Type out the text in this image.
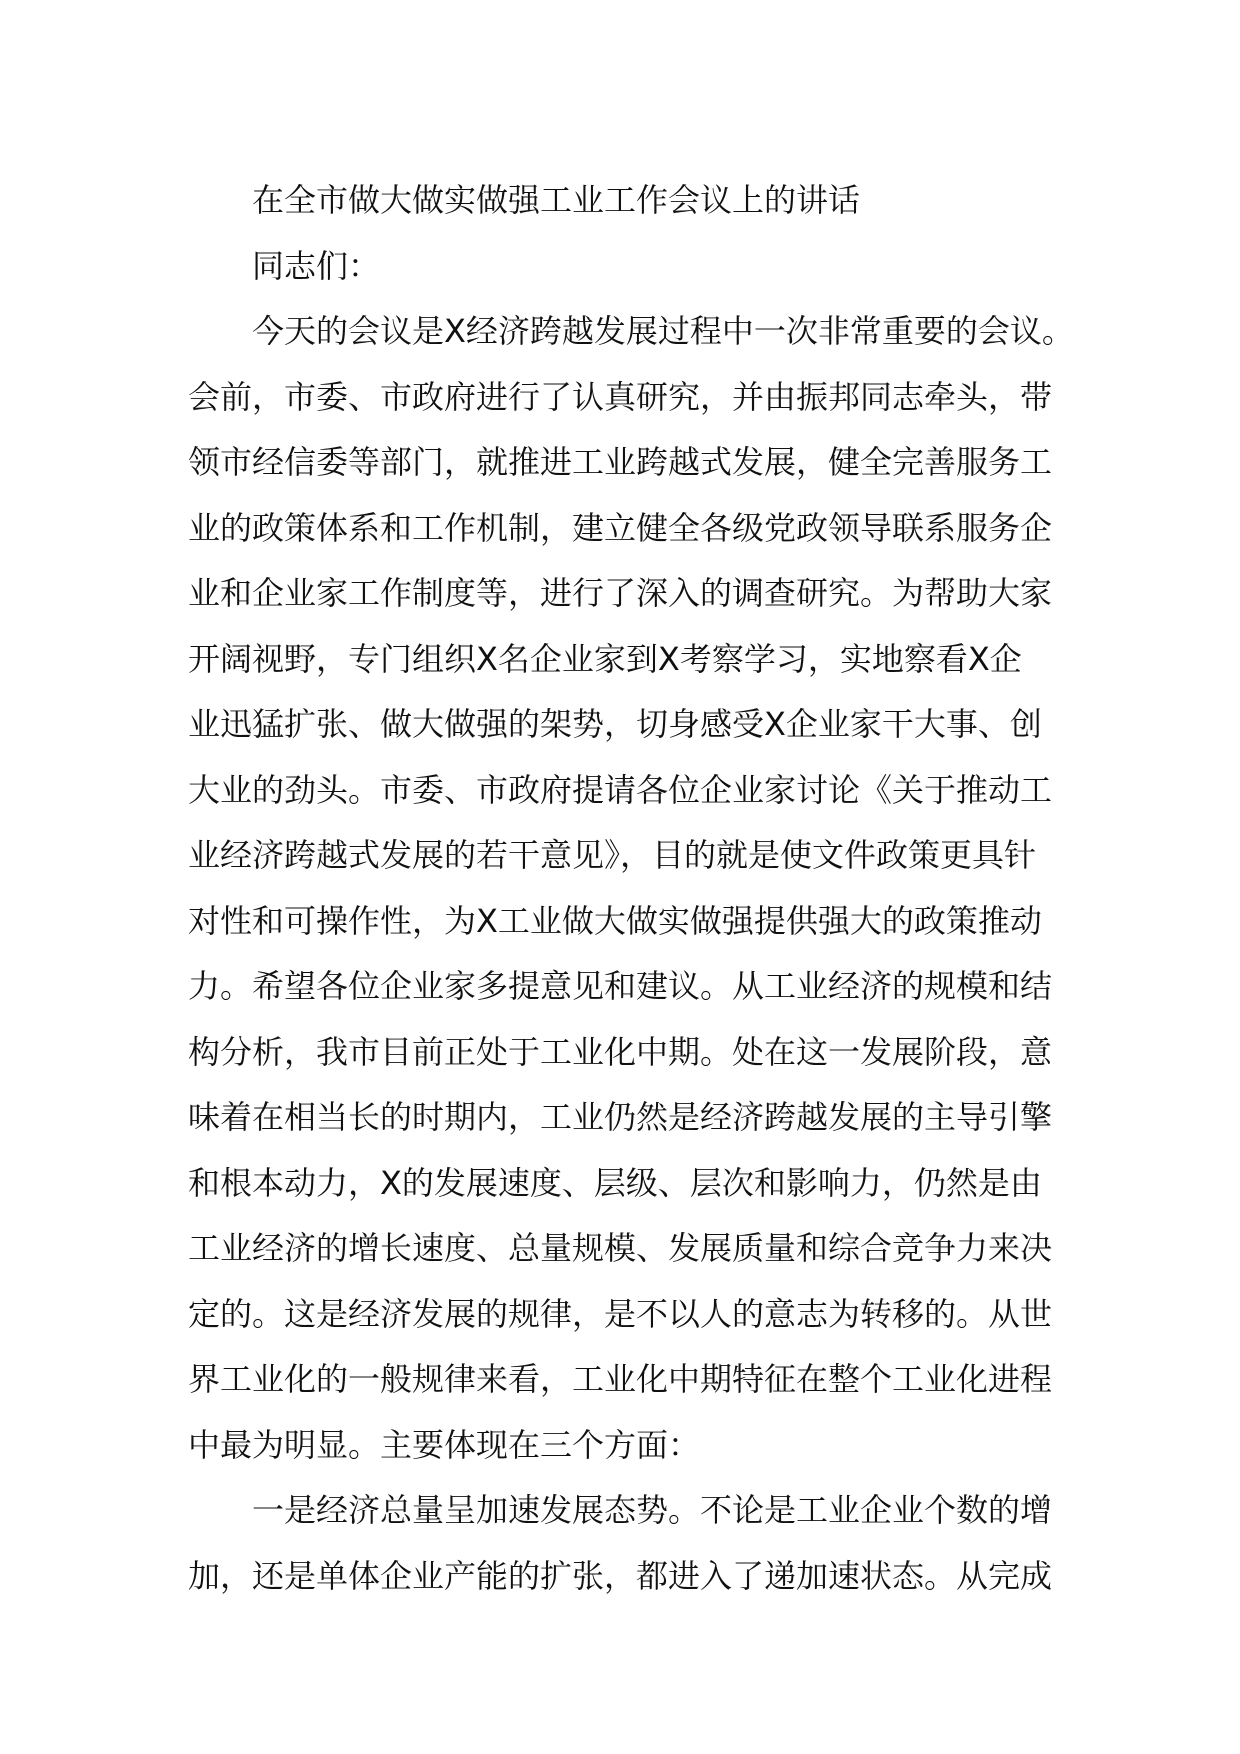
在全市做大做实做强工业工作会议上的讲话
同志们：
今天的会议是X经济跨越发展过程中一次非常重要的会议。
会前，市委、市政府进行了认真研究，并由振邦同志牵头，带
领市经信委等部门，就推进工业跨越式发展，健全完善服务工
业的政策体系和工作机制，建立健全各级党政领导联系服务企
业和企业家工作制度等，进行了深入的调查研究。为帮助大家
开阔视野，专门组织X名企业家到X考察学习，实地察看X企
业迅猛扩张、做大做强的架势，切身感受X企业家干大事、创
大业的劲头。市委、市政府提请各位企业家讨论《关于推动工
业经济跨越式发展的若干意见》，目的就是使文件政策更具针
对性和可操作性，为X工业做大做实做强提供强大的政策推动
力。希望各位企业家多提意见和建议。从工业经济的规模和结
构分析，我市目前正处于工业化中期。处在这一发展阶段，意
味着在相当长的时期内，工业仍然是经济跨越发展的主导引擎
和根本动力，X的发展速度、层级、层次和影响力，仍然是由
工业经济的增长速度、总量规模、发展质量和综合竞争力来决
定的。这是经济发展的规律，是不以人的意志为转移的。从世
界工业化的一般规律来看，工业化中期特征在整个工业化进程
中最为明显。主要体现在三个方面：
一是经济总量呈加速发展态势。不论是工业企业个数的增
加，还是单体企业产能的扩张，都进入了递加速状态。从完成
